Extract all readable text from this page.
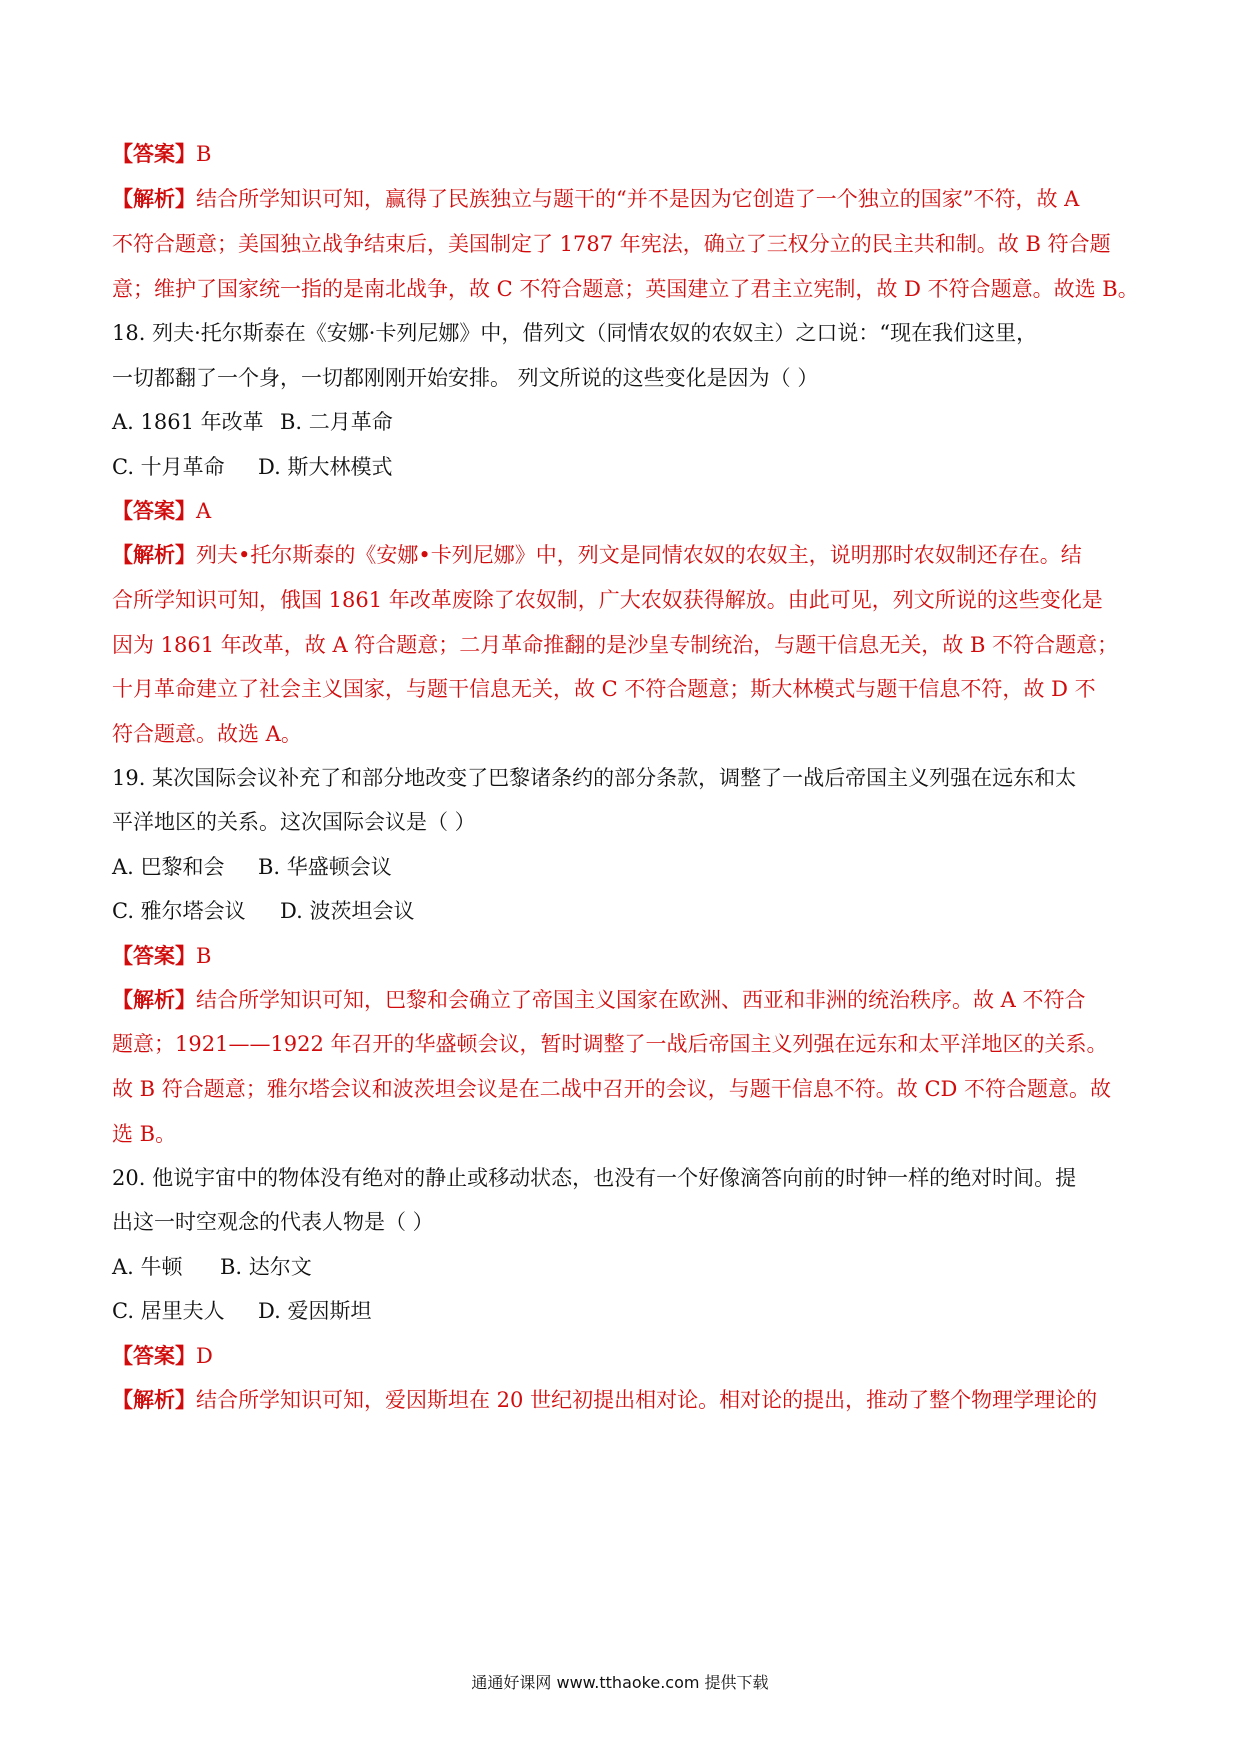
【答案】B
【解析】结合所学知识可知，赢得了民族独立与题干的“并不是因为它创造了一个独立的国家”不符，故 A
不符合题意；美国独立战争结束后，美国制定了 1787 年宪法，确立了三权分立的民主共和制。故 B 符合题
意；维护了国家统一指的是南北战争，故 C 不符合题意；英国建立了君主立宪制，故 D 不符合题意。故选 B。
18. 列夫·托尔斯泰在《安娜·卡列尼娜》中，借列文（同情农奴的农奴主）之口说：“现在我们这里，
一切都翻了一个身，一切都刚刚开始安排。 列文所说的这些变化是因为（ ）
A. 1861 年改革 B. 二月革命
C. 十月革命 D. 斯大林模式
【答案】A
【解析】列夫•托尔斯泰的《安娜•卡列尼娜》中，列文是同情农奴的农奴主，说明那时农奴制还存在。结
合所学知识可知，俄国 1861 年改革废除了农奴制，广大农奴获得解放。由此可见，列文所说的这些变化是
因为 1861 年改革，故 A 符合题意；二月革命推翻的是沙皇专制统治，与题干信息无关，故 B 不符合题意；
十月革命建立了社会主义国家，与题干信息无关，故 C 不符合题意；斯大林模式与题干信息不符，故 D 不
符合题意。故选 A。
19. 某次国际会议补充了和部分地改变了巴黎诸条约的部分条款，调整了一战后帝国主义列强在远东和太
平洋地区的关系。这次国际会议是（ ）
A. 巴黎和会 B. 华盛顿会议
C. 雅尔塔会议 D. 波茨坦会议
【答案】B
【解析】结合所学知识可知，巴黎和会确立了帝国主义国家在欧洲、西亚和非洲的统治秩序。故 A 不符合
题意；1921——1922 年召开的华盛顿会议，暂时调整了一战后帝国主义列强在远东和太平洋地区的关系。
故 B 符合题意；雅尔塔会议和波茨坦会议是在二战中召开的会议，与题干信息不符。故 CD 不符合题意。故
选 B。
20. 他说宇宙中的物体没有绝对的静止或移动状态，也没有一个好像滴答向前的时钟一样的绝对时间。提
出这一时空观念的代表人物是（ ）
A. 牛顿 B. 达尔文
C. 居里夫人 D. 爱因斯坦
【答案】D
【解析】结合所学知识可知，爱因斯坦在 20 世纪初提出相对论。相对论的提出，推动了整个物理学理论的
通通好课网 www.tthaoke.com 提供下载
